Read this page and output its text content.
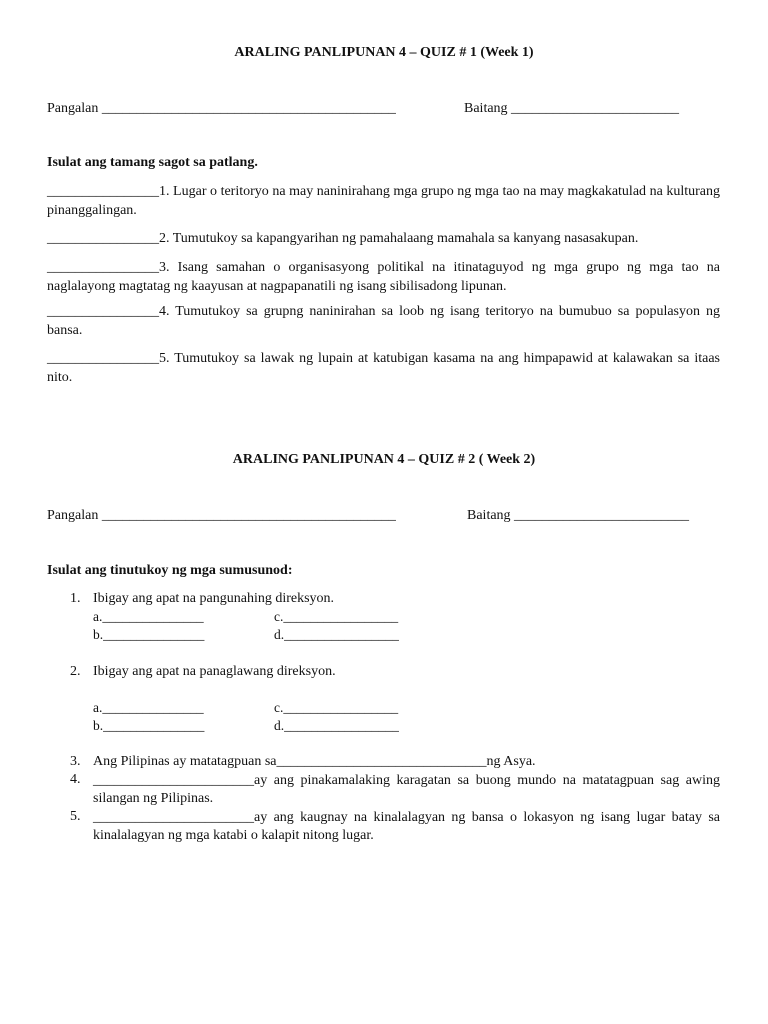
ARALING PANLIPUNAN 4 – QUIZ # 1 (Week 1)
Pangalan __________________________________________	Baitang ________________________
Isulat ang tamang sagot sa patlang.
________________1. Lugar o teritoryo na may naninirahang mga grupo ng mga tao na may magkakatulad na kulturang pinanggalingan.
________________2. Tumutukoy sa kapangyarihan ng pamahalaang mamahala sa kanyang nasasakupan.
________________3. Isang samahan o organisasyong politikal na itinataguyod ng mga grupo ng mga tao na naglalayong magtatag ng kaayusan at nagpapanatili ng isang sibilisadong lipunan.
________________4. Tumutukoy sa grupng naninirahan sa loob ng isang teritoryo na bumubuo sa populasyon ng bansa.
________________5. Tumutukoy sa lawak ng lupain at katubigan kasama na ang himpapawid at kalawakan sa itaas nito.
ARALING PANLIPUNAN 4 – QUIZ # 2 ( Week 2)
Pangalan __________________________________________	Baitang _________________________
Isulat ang tinutukoy ng mga sumusunod:
1. Ibigay ang apat na pangunahing direksyon.
a._______________	c._________________
b._______________	d._________________
2. Ibigay ang apat na panaglawang direksyon.
a._______________	c._________________
b._______________	d._________________
3. Ang Pilipinas ay matatagpuan sa______________________________ng Asya.
4. _______________________ay ang pinakamalaking karagatan sa buong mundo na matatagpuan sag awing silangan ng Pilipinas.
5. _______________________ay ang kaugnay na kinalalagyan ng bansa o lokasyon ng isang lugar batay sa kinalalagyan ng mga katabi o kalapit nitong lugar.
